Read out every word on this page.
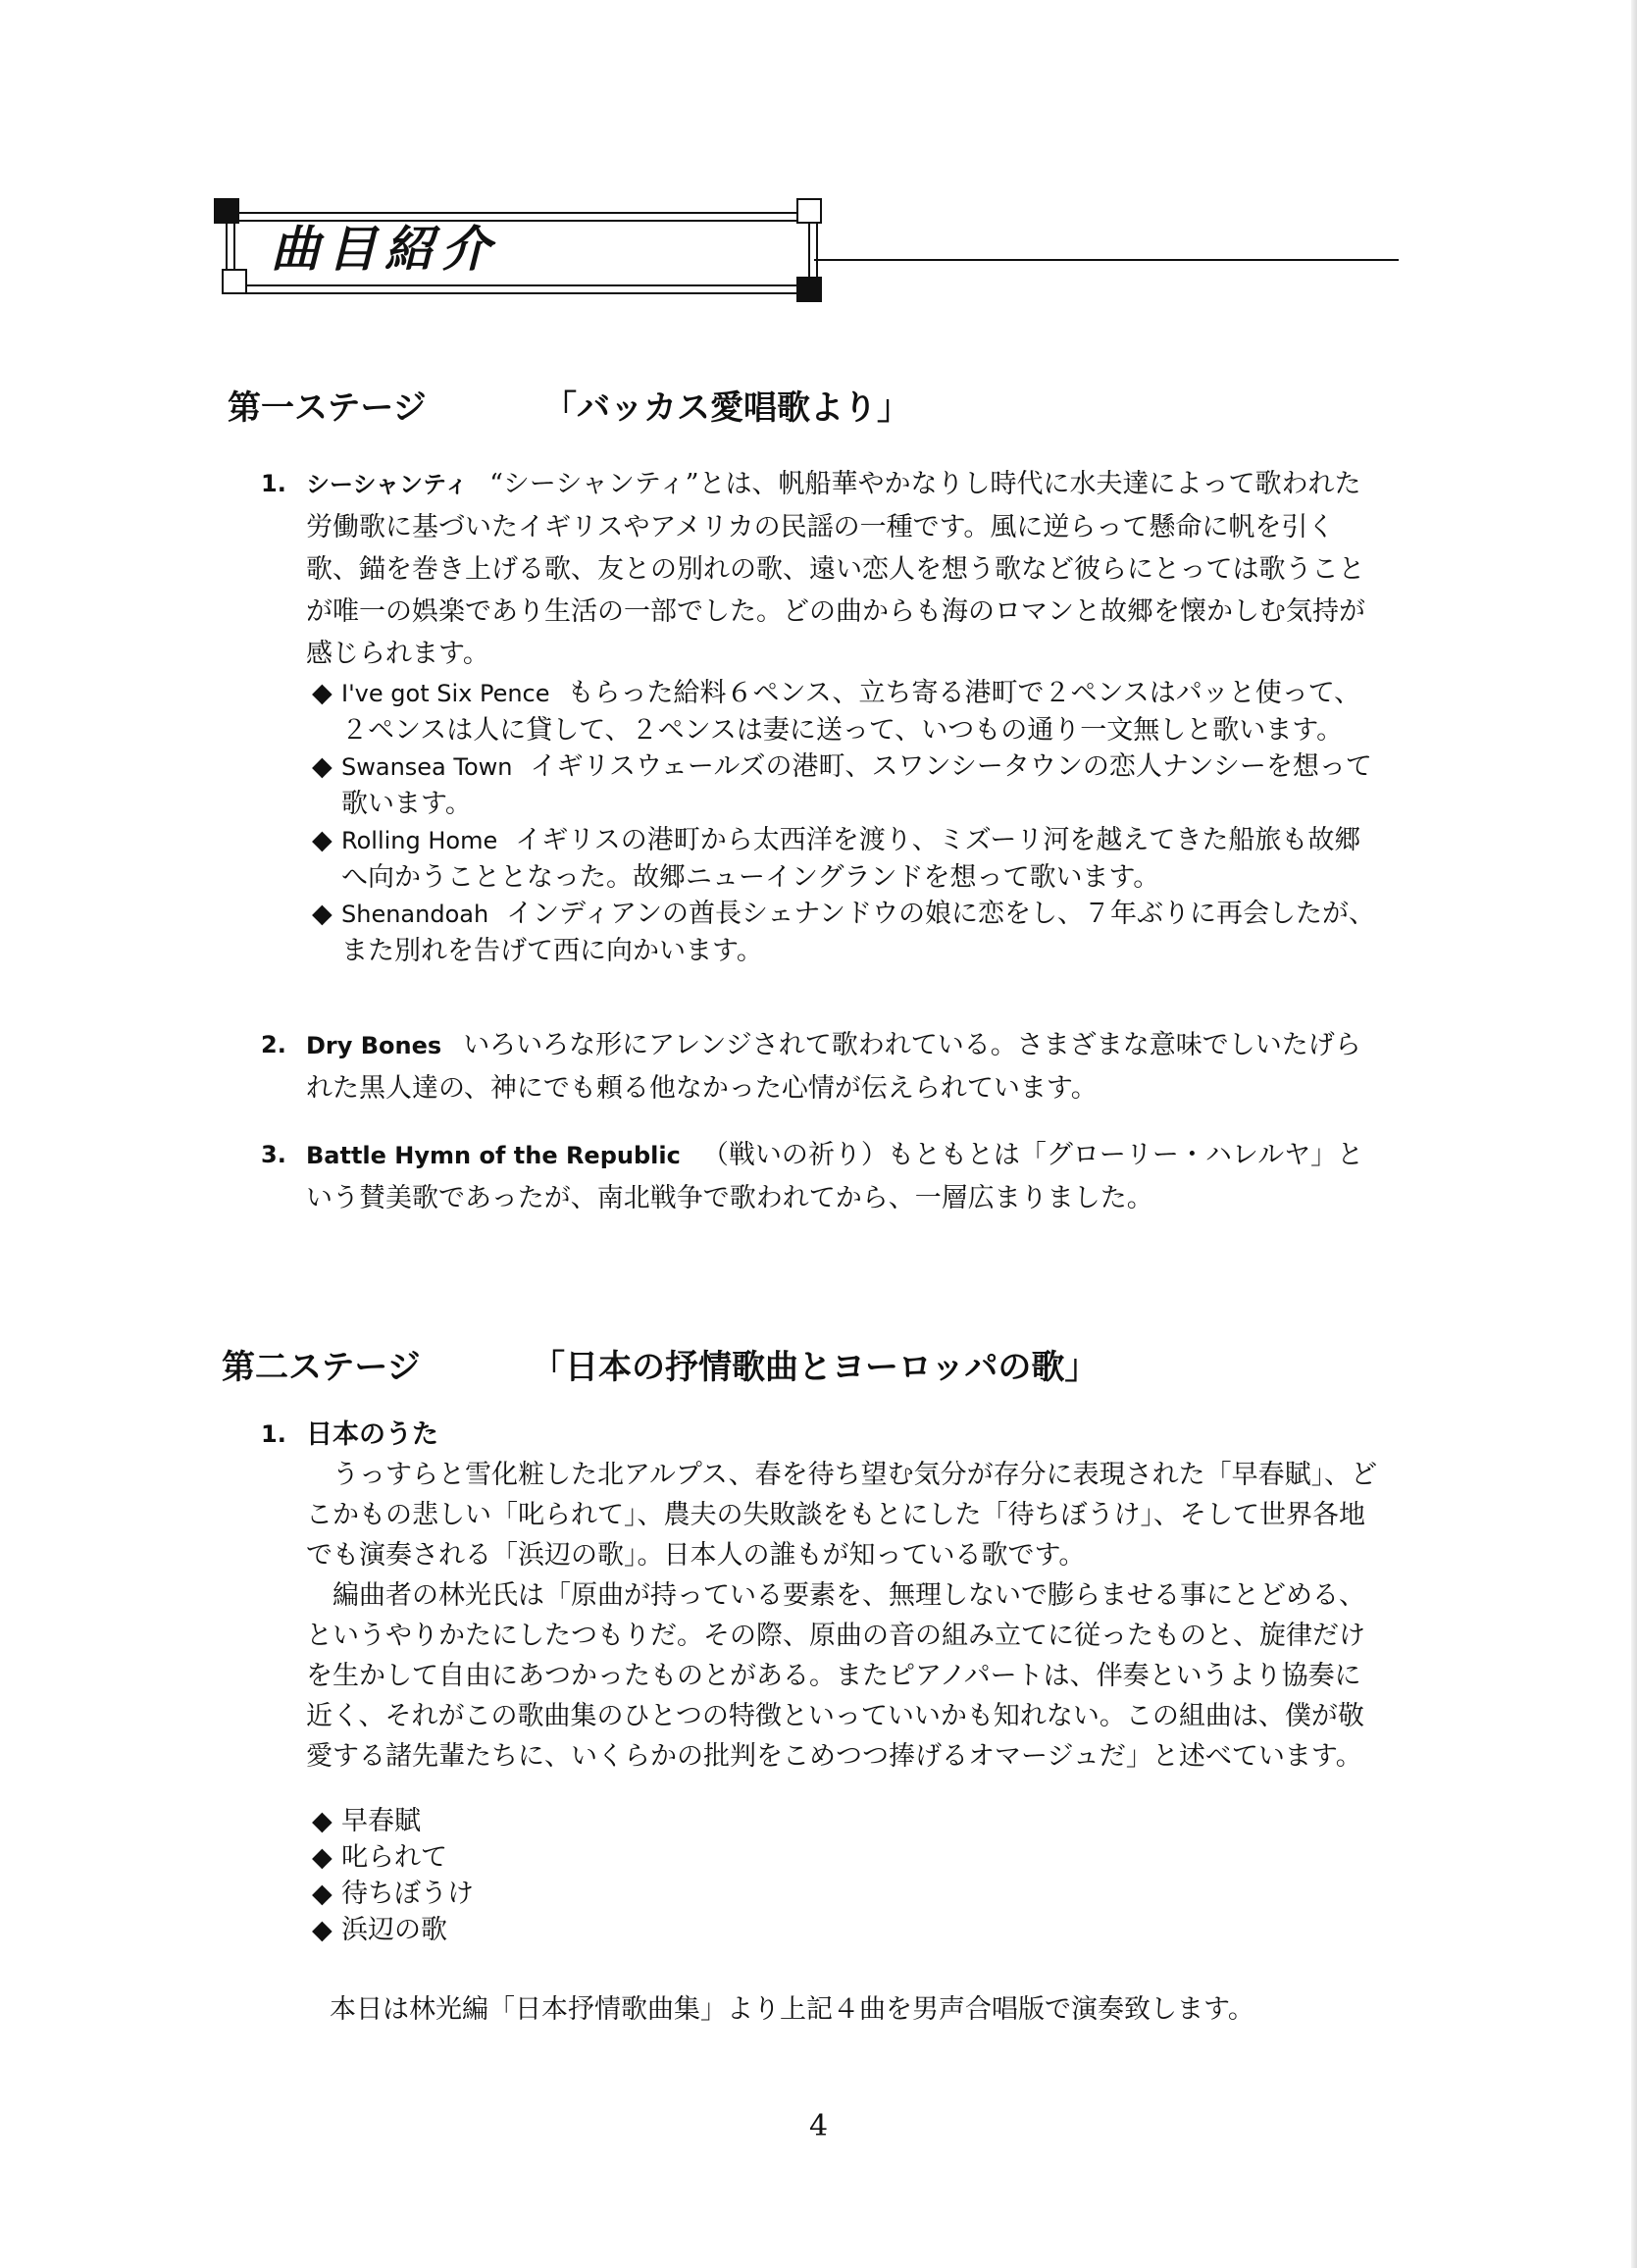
曲目紹介
第一ステージ	「バッカス愛唱歌より」
1. シーシャンティ “シーシャンティ”とは、帆船華やかなりし時代に水夫達によって歌われた労働歌に基づいたイギリスやアメリカの民謡の一種です。風に逆らって懸命に帆を引く歌、錨を巻き上げる歌、友との別れの歌、遠い恋人を想う歌など彼らにとっては歌うことが唯一の娯楽であり生活の一部でした。どの曲からも海のロマンと故郷を懐かしむ気持が感じられます。

◆ I've got Six Pence もらった給料６ペンス、立ち寄る港町で２ペンスはパッと使って、２ペンスは人に貸して、２ペンスは妻に送って、いつもの通り一文無しと歌います。
◆ Swansea Town イギリスウェールズの港町、スワンシータウンの恋人ナンシーを想って歌います。
◆ Rolling Home イギリスの港町から太西洋を渡り、ミズーリ河を越えてきた船旅も故郷へ向かうこととなった。故郷ニューイングランドを想って歌います。
◆ Shenandoah インディアンの酋長シェナンドウの娘に恋をし、７年ぶりに再会したが、また別れを告げて西に向かいます。
2. Dry Bones いろいろな形にアレンジされて歌われている。さまざまな意味でしいたげられた黒人達の、神にでも頼る他なかった心情が伝えられています。

3. Battle Hymn of the Republic （戦いの祈り）もともとは「グローリー・ハレルヤ」という賛美歌であったが、南北戦争で歌われてから、一層広まりました。

第二ステージ	「日本の抒情歌曲とヨーロッパの歌」
1. 日本のうた

うっすらと雪化粧した北アルプス、春を待ち望む気分が存分に表現された「早春賦」、どこかもの悲しい「叱られて」、農夫の失敗談をもとにした「待ちぼうけ」、そして世界各地でも演奏される「浜辺の歌」。日本人の誰もが知っている歌です。

編曲者の林光氏は「原曲が持っている要素を、無理しないで膨らませる事にとどめる、というやりかたにしたつもりだ。その際、原曲の音の組み立てに従ったものと、旋律だけを生かして自由にあつかったものとがある。またピアノパートは、伴奏というより協奏に近く、それがこの歌曲集のひとつの特徴といっていいかも知れない。この組曲は、僕が敬愛する諸先輩たちに、いくらかの批判をこめつつ捧げるオマージュだ」と述べています。

◆ 早春賦
◆ 叱られて
◆ 待ちぼうけ
◆ 浜辺の歌
本日は林光編「日本抒情歌曲集」より上記４曲を男声合唱版で演奏致します。
4
